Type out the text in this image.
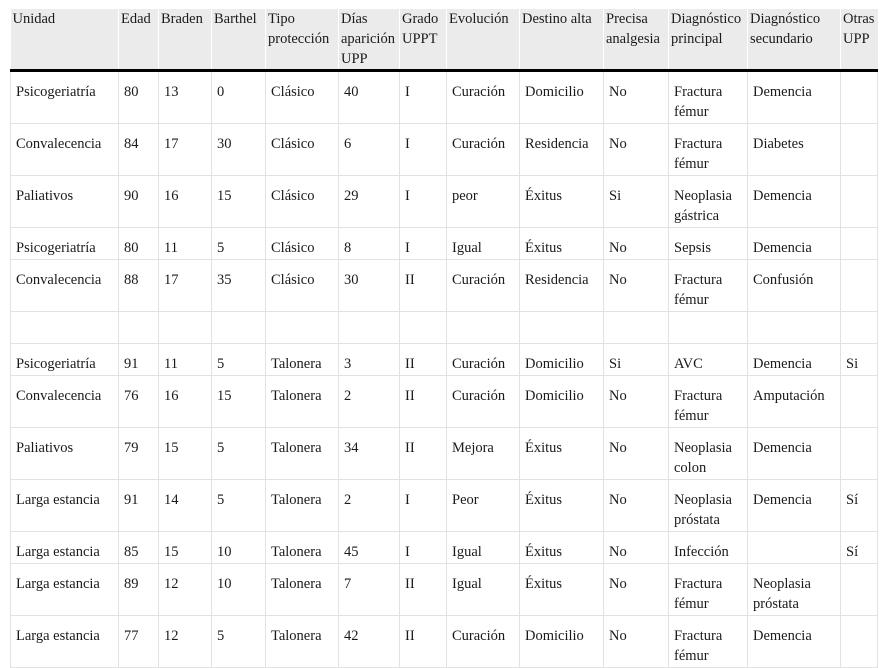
Unidad	Edad	Braden	Barthel	Tipo protección	Días aparición UPP	Grado UPPT	Evolución	Destino alta	Precisa analgesia	Diagnóstico principal	Diagnóstico secundario	Otras UPP
Psicogeriatría	80	13	0	Clásico	40	I	Curación	Domicilio	No	Fractura fémur	Demencia	
Convalecencia	84	17	30	Clásico	6	I	Curación	Residencia	No	Fractura fémur	Diabetes	
Paliativos	90	16	15	Clásico	29	I	peor	Éxitus	Si	Neoplasia gástrica	Demencia	
Psicogeriatría	80	11	5	Clásico	8	I	Igual	Éxitus	No	Sepsis	Demencia	
Convalecencia	88	17	35	Clásico	30	II	Curación	Residencia	No	Fractura fémur	Confusión	

Psicogeriatría	91	11	5	Talonera	3	II	Curación	Domicilio	Si	AVC	Demencia	Si
Convalecencia	76	16	15	Talonera	2	II	Curación	Domicilio	No	Fractura fémur	Amputación	
Paliativos	79	15	5	Talonera	34	II	Mejora	Éxitus	No	Neoplasia colon	Demencia	
Larga estancia	91	14	5	Talonera	2	I	Peor	Éxitus	No	Neoplasia próstata	Demencia	Sí
Larga estancia	85	15	10	Talonera	45	I	Igual	Éxitus	No	Infección		Sí
Larga estancia	89	12	10	Talonera	7	II	Igual	Éxitus	No	Fractura fémur	Neoplasia próstata	
Larga estancia	77	12	5	Talonera	42	II	Curación	Domicilio	No	Fractura fémur	Demencia	
